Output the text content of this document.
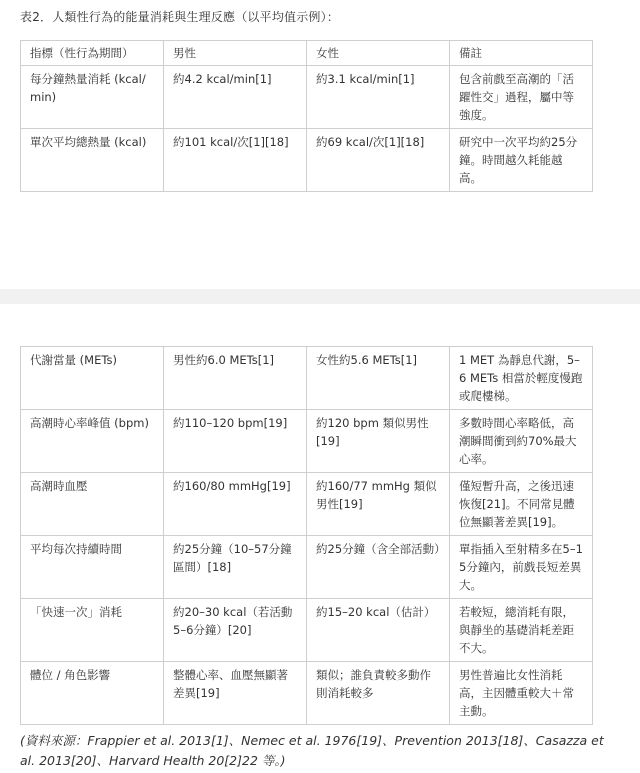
表2．人類性行為的能量消耗與生理反應（以平均值示例）：
指標（性行為期間）	男性	女性	備註
每分鐘熱量消耗 (kcal/min)	約4.2 kcal/min[1]	約3.1 kcal/min[1]	包含前戲至高潮的「活躍性交」過程，屬中等強度。
單次平均總熱量 (kcal)	約101 kcal/次[1][18]	約69 kcal/次[1][18]	研究中一次平均約25分鐘。時間越久耗能越高。
代謝當量 (METs)	男性約6.0 METs[1]	女性約5.6 METs[1]	1 MET 為靜息代謝，5–6 METs 相當於輕度慢跑或爬樓梯。
高潮時心率峰值 (bpm)	約110–120 bpm[19]	約120 bpm 類似男性[19]	多數時間心率略低，高潮瞬間衝到約70%最大心率。
高潮時血壓	約160/80 mmHg[19]	約160/77 mmHg 類似男性[19]	僅短暫升高，之後迅速恢復[21]。不同常見體位無顯著差異[19]。
平均每次持續時間	約25分鐘（10–57分鐘區間）[18]	約25分鐘（含全部活動）	單指插入至射精多在5–15分鐘內，前戲長短差異大。
「快速一次」消耗	約20–30 kcal（若活動5–6分鐘）[20]	約15–20 kcal（估計）	若較短，總消耗有限，與靜坐的基礎消耗差距不大。
體位 / 角色影響	整體心率、血壓無顯著差異[19]	類似；誰負責較多動作則消耗較多	男性普遍比女性消耗高，主因體重較大＋常主動。
(資料來源：Frappier et al. 2013[1]、Nemec et al. 1976[19]、Prevention 2013[18]、Casazza et al. 2013[20]、Harvard Health 20[2]22 等。)
